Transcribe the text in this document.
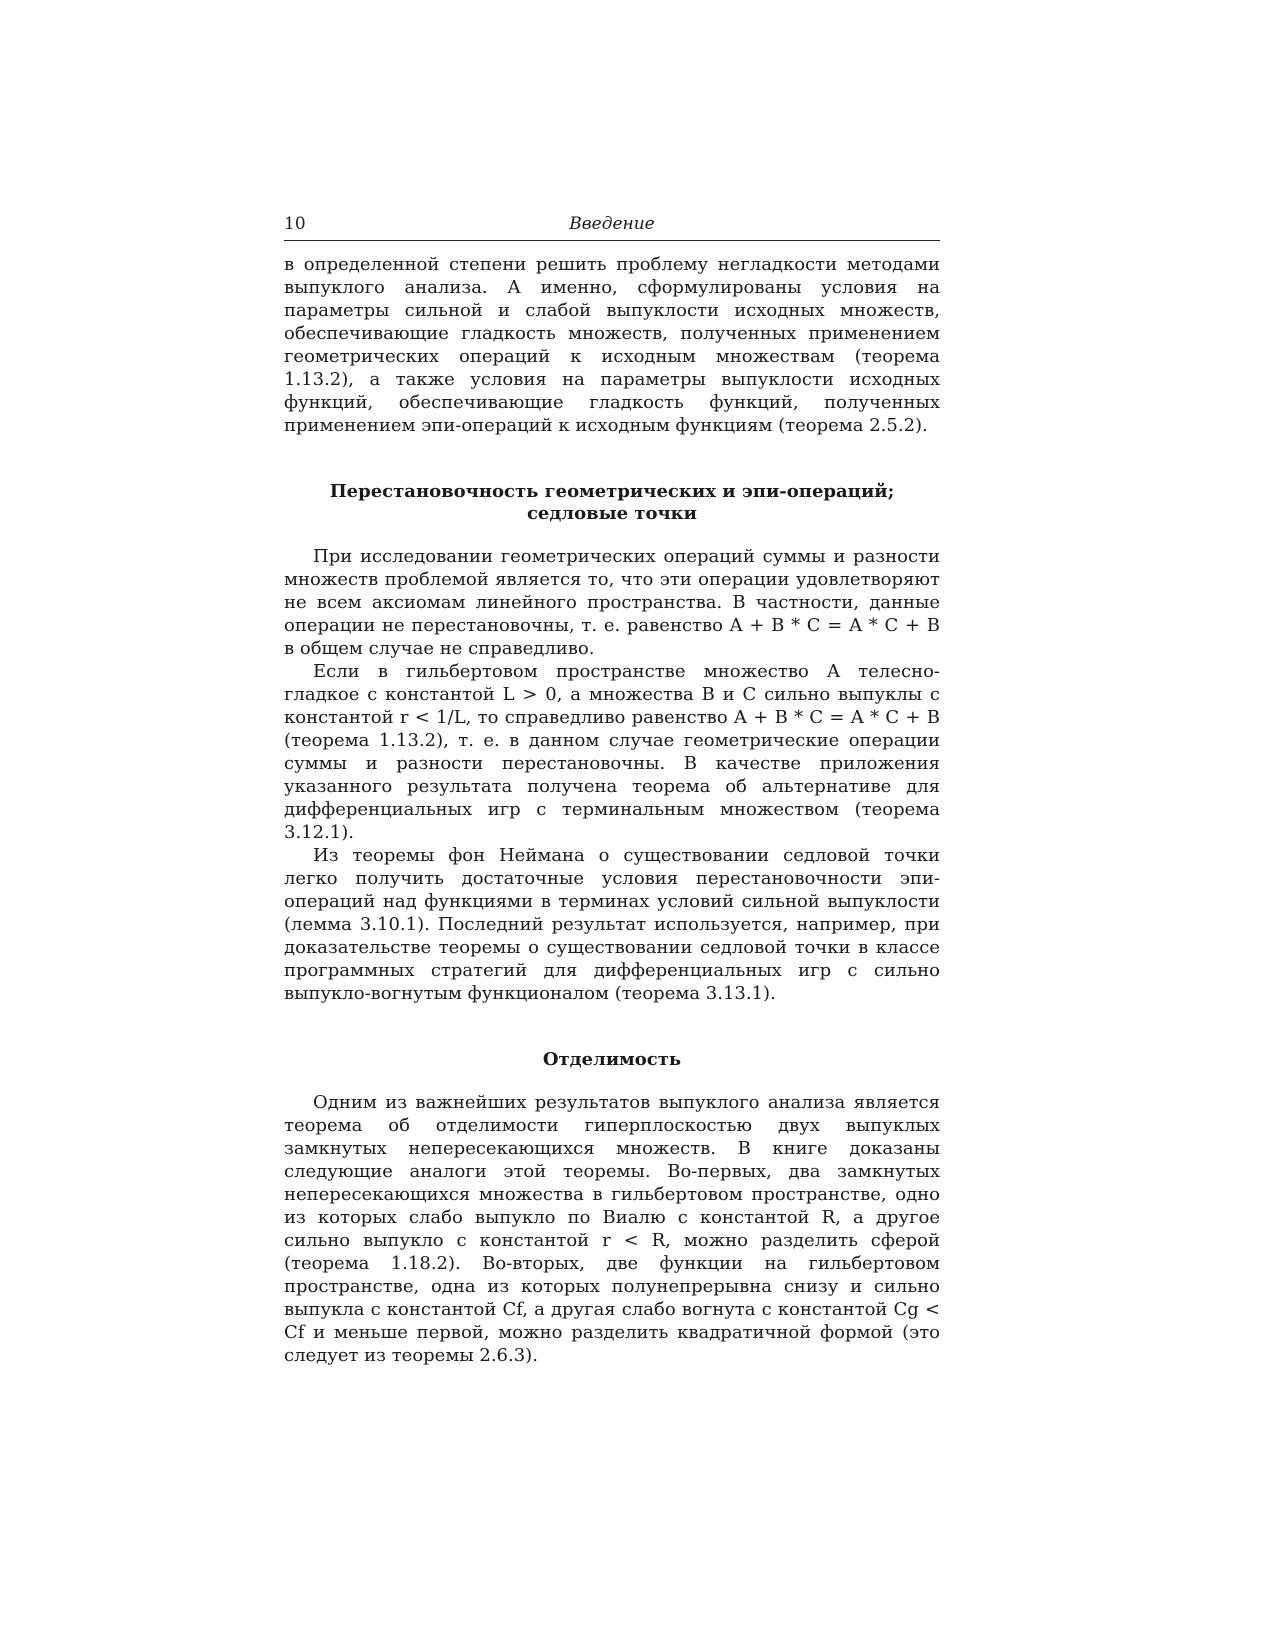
10	Введение

в определенной степени решить проблему негладкости методами выпуклого анализа. А именно, сформулированы условия на параметры сильной и слабой выпуклости исходных множеств, обеспечивающие гладкость множеств, полученных применением геометрических операций к исходным множествам (теорема 1.13.2), а также условия на параметры выпуклости исходных функций, обеспечивающие гладкость функций, полученных применением эпи-операций к исходным функциям (теорема 2.5.2).

Перестановочность геометрических и эпи-операций;
седловые точки

При исследовании геометрических операций суммы и разности множеств проблемой является то, что эти операции удовлетворяют не всем аксиомам линейного пространства. В частности, данные операции не перестановочны, т. е. равенство A + B * C = A * C + B в общем случае не справедливо.

Если в гильбертовом пространстве множество A телесно-гладкое с константой L > 0, а множества B и C сильно выпуклы с константой r < 1/L, то справедливо равенство A + B * C = A * C + B (теорема 1.13.2), т. е. в данном случае геометрические операции суммы и разности перестановочны. В качестве приложения указанного результата получена теорема об альтернативе для дифференциальных игр с терминальным множеством (теорема 3.12.1).

Из теоремы фон Неймана о существовании седловой точки легко получить достаточные условия перестановочности эпи-операций над функциями в терминах условий сильной выпуклости (лемма 3.10.1). Последний результат используется, например, при доказательстве теоремы о существовании седловой точки в классе программных стратегий для дифференциальных игр с сильно выпукло-вогнутым функционалом (теорема 3.13.1).

Отделимость

Одним из важнейших результатов выпуклого анализа является теорема об отделимости гиперплоскостью двух выпуклых замкнутых непересекающихся множеств. В книге доказаны следующие аналоги этой теоремы. Во-первых, два замкнутых непересекающихся множества в гильбертовом пространстве, одно из которых слабо выпукло по Виалю с константой R, а другое сильно выпукло с константой r < R, можно разделить сферой (теорема 1.18.2). Во-вторых, две функции на гильбертовом пространстве, одна из которых полунепрерывна снизу и сильно выпукла с константой Cf, а другая слабо вогнута с константой Cg < Cf и меньше первой, можно разделить квадратичной формой (это следует из теоремы 2.6.3).
